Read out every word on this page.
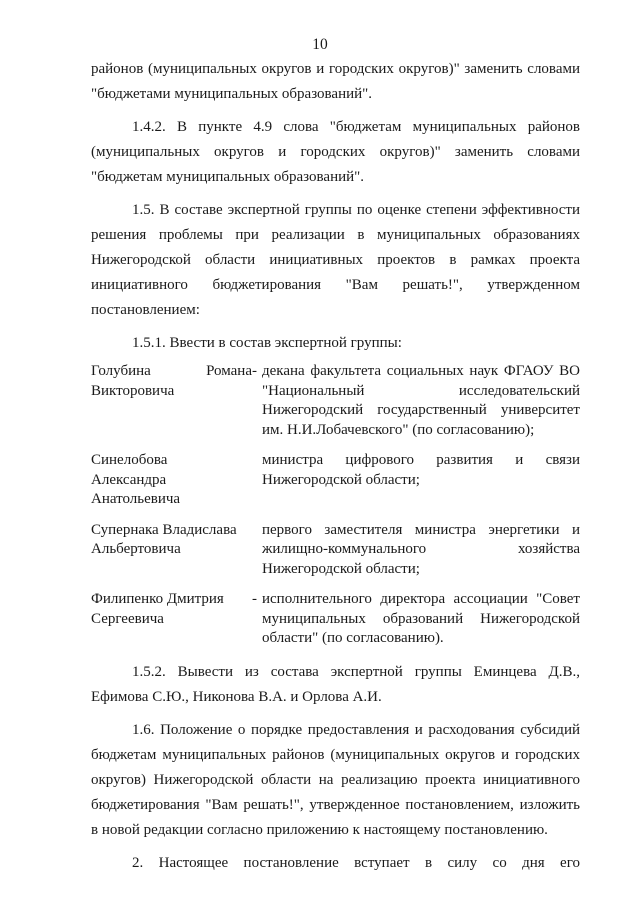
10

районов (муниципальных округов и городских округов)" заменить словами

"бюджетами муниципальных образований".

1.4.2. В пункте 4.9 слова "бюджетам муниципальных районов (муниципальных округов и городских округов)" заменить словами "бюджетам муниципальных образований".

1.5. В составе экспертной группы по оценке степени эффективности решения проблемы при реализации в муниципальных образованиях Нижегородской области инициативных проектов в рамках проекта инициативного бюджетирования "Вам решать!", утвержденном постановлением:

1.5.1. Ввести в состав экспертной группы:

Голубина	Романа
Викторовича
- декана факультета социальных наук ФГАОУ ВО "Национальный исследовательский Нижегородский государственный университет им. Н.И.Лобачевского" (по согласованию);
Синелобова Александра Анатольевича
министра цифрового развития и связи Нижегородской области;
Супернака Владислава Альбертовича
первого заместителя министра энергетики и жилищно-коммунального хозяйства Нижегородской области;
Филипенко Дмитрия Сергеевича
- исполнительного директора ассоциации "Совет муниципальных образований Нижегородской области" (по согласованию).

1.5.2. Вывести из состава экспертной группы Еминцева Д.В., Ефимова С.Ю., Никонова В.А. и Орлова А.И.

1.6. Положение о порядке предоставления и расходования субсидий бюджетам муниципальных районов (муниципальных округов и городских округов) Нижегородской области на реализацию проекта инициативного бюджетирования "Вам решать!", утвержденное постановлением, изложить в новой редакции согласно приложению к настоящему постановлению.

2. Настоящее постановление вступает в силу со дня его
